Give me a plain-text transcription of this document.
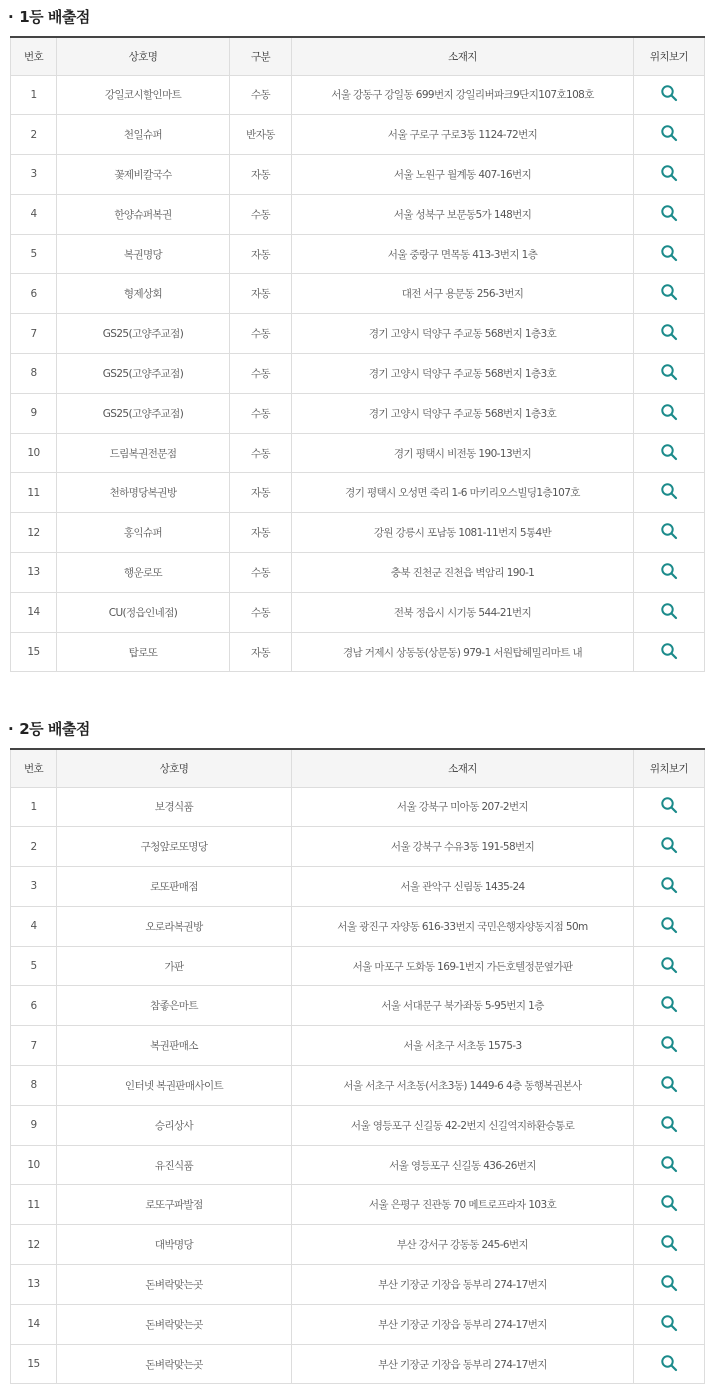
· 1등 배출점
번호	상호명	구분	소재지	위치보기
1	강일코시할인마트	수동	서울 강동구 강일동 699번지 강일리버파크9단지107호108호	

2	천일슈퍼	반자동	서울 구로구 구로3동 1124-72번지	

3	꽃제비칼국수	자동	서울 노원구 월계동 407-16번지	

4	한양슈퍼복권	수동	서울 성북구 보문동5가 148번지	

5	복권명당	자동	서울 중랑구 면목동 413-3번지 1층	

6	형제상회	자동	대전 서구 용문동 256-3번지	

7	GS25(고양주교점)	수동	경기 고양시 덕양구 주교동 568번지 1층3호	

8	GS25(고양주교점)	수동	경기 고양시 덕양구 주교동 568번지 1층3호	

9	GS25(고양주교점)	수동	경기 고양시 덕양구 주교동 568번지 1층3호	

10	드림복권전문점	수동	경기 평택시 비전동 190-13번지	

11	천하명당복권방	자동	경기 평택시 오성면 죽리 1-6 마키리오스빌딩1층107호	

12	홍익슈퍼	자동	강원 강릉시 포남동 1081-11번지 5통4반	

13	행운로또	수동	충북 진천군 진천읍 벽암리 190-1	

14	CU(정읍인네점)	수동	전북 정읍시 시기동 544-21번지	

15	탑로또	자동	경남 거제시 상동동(상문동) 979-1 서원탑헤밀리마트 내	
· 2등 배출점
번호	상호명	소재지	위치보기
1	보경식품	서울 강북구 미아동 207-2번지	

2	구청앞로또명당	서울 강북구 수유3동 191-58번지	

3	로또판매점	서울 관악구 신림동 1435-24	

4	오로라복권방	서울 광진구 자양동 616-33번지 국민은행자양동지점 50m	

5	가판	서울 마포구 도화동 169-1번지 가든호텔정문옆가판	

6	참좋은마트	서울 서대문구 북가좌동 5-95번지 1층	

7	복권판매소	서울 서초구 서초동 1575-3	

8	인터넷 복권판매사이트	서울 서초구 서초동(서초3동) 1449-6 4층 동행복권본사	

9	승리상사	서울 영등포구 신길동 42-2번지 신길역지하환승통로	

10	유진식품	서울 영등포구 신길동 436-26번지	

11	로또구파발점	서울 은평구 진관동 70 메트로프라자 103호	

12	대박명당	부산 강서구 강동동 245-6번지	

13	돈벼락맞는곳	부산 기장군 기장읍 동부리 274-17번지	

14	돈벼락맞는곳	부산 기장군 기장읍 동부리 274-17번지	

15	돈벼락맞는곳	부산 기장군 기장읍 동부리 274-17번지	
